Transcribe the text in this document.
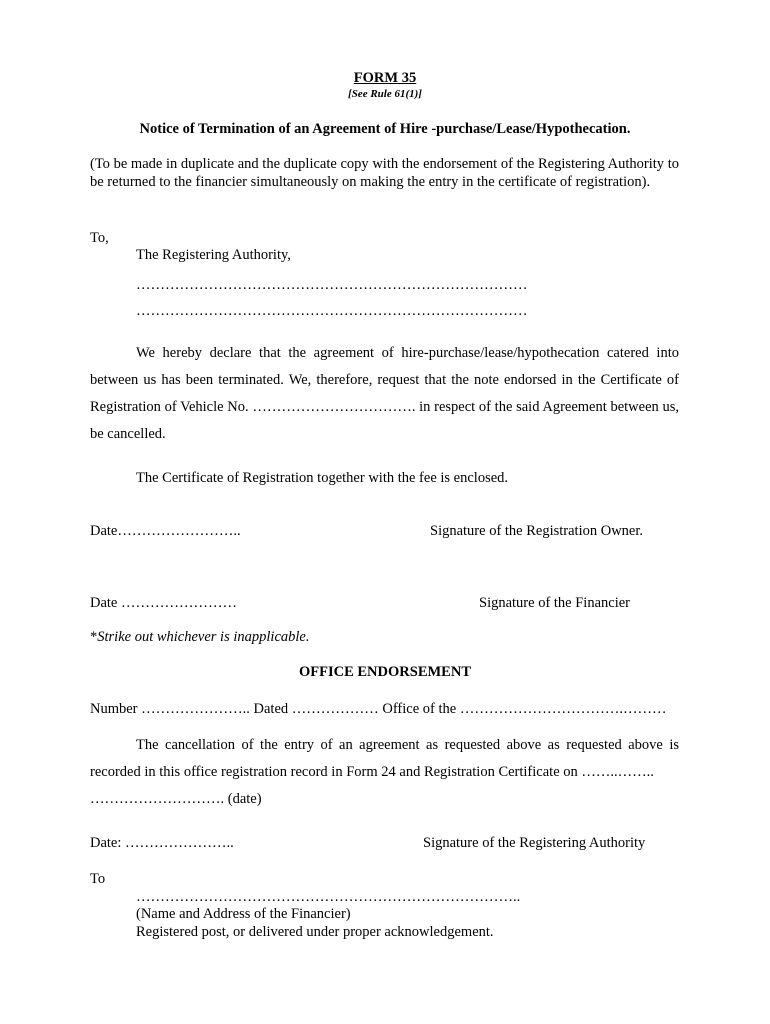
FORM 35
[See Rule 61(1)]
Notice of Termination of an Agreement of Hire -purchase/Lease/Hypothecation.
(To be made in duplicate and the duplicate copy with the endorsement of the Registering Authority to be returned to the financier simultaneously on making the entry in the certificate of registration).
To,
The Registering Authority,
………………………………………………………………………
………………………………………………………………………
We hereby declare that the agreement of hire-purchase/lease/hypothecation catered into between us has been terminated. We, therefore, request that the note endorsed in the Certificate of Registration of Vehicle No. ……………………………. in respect of the said Agreement between us, be cancelled.
The Certificate of Registration together with the fee is enclosed.
Date……………………..	Signature of the Registration Owner.
Date ……………………	Signature of the Financier
*Strike out whichever is inapplicable.
OFFICE ENDORSEMENT
Number ………………….. Dated ……………… Office of the …………………………….………
The cancellation of the entry of an agreement as requested above as requested above is recorded in this office registration record in Form 24 and Registration Certificate on ……..……..
………………………. (date)
Date: …………………..	Signature of the Registering Authority
To
……………………………………………………………………..
(Name and Address of the Financier)
Registered post, or delivered under proper acknowledgement.
